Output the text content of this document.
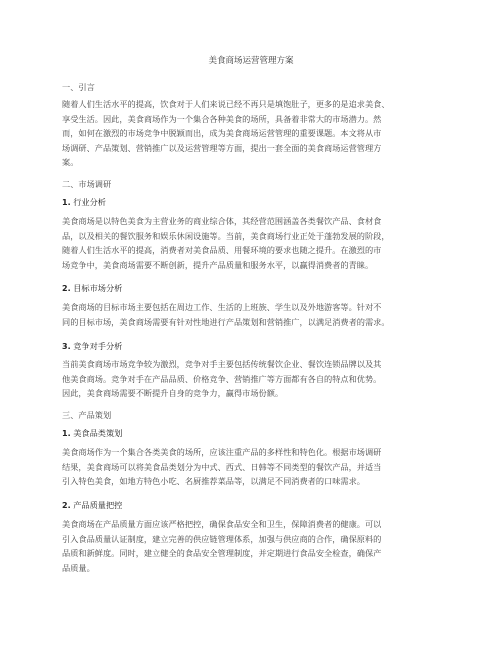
美食商场运营管理方案
一、引言
随着人们生活水平的提高，饮食对于人们来说已经不再只是填饱肚子，更多的是追求美食、
享受生活。因此，美食商场作为一个集合各种美食的场所，具备着非常大的市场潜力。然
而，如何在激烈的市场竞争中脱颖而出，成为美食商场运营管理的重要课题。本文将从市
场调研、产品策划、营销推广以及运营管理等方面，提出一套全面的美食商场运营管理方
案。
二、市场调研
1. 行业分析
美食商场是以特色美食为主营业务的商业综合体，其经营范围涵盖各类餐饮产品、食材食
品，以及相关的餐饮服务和娱乐休闲设施等。当前，美食商场行业正处于蓬勃发展的阶段，
随着人们生活水平的提高，消费者对美食品质、用餐环境的要求也随之提升。在激烈的市
场竞争中，美食商场需要不断创新，提升产品质量和服务水平，以赢得消费者的青睐。
2. 目标市场分析
美食商场的目标市场主要包括在周边工作、生活的上班族、学生以及外地游客等。针对不
同的目标市场，美食商场需要有针对性地进行产品策划和营销推广，以满足消费者的需求。
3. 竞争对手分析
当前美食商场市场竞争较为激烈，竞争对手主要包括传统餐饮企业、餐饮连锁品牌以及其
他美食商场。竞争对手在产品品质、价格竞争、营销推广等方面都有各自的特点和优势。
因此，美食商场需要不断提升自身的竞争力，赢得市场份额。
三、产品策划
1. 美食品类策划
美食商场作为一个集合各类美食的场所，应该注重产品的多样性和特色化。根据市场调研
结果，美食商场可以将美食品类划分为中式、西式、日韩等不同类型的餐饮产品，并适当
引入特色美食，如地方特色小吃、名厨推荐菜品等，以满足不同消费者的口味需求。
2. 产品质量把控
美食商场在产品质量方面应该严格把控，确保食品安全和卫生，保障消费者的健康。可以
引入食品质量认证制度，建立完善的供应链管理体系，加强与供应商的合作，确保原料的
品质和新鲜度。同时，建立健全的食品安全管理制度，并定期进行食品安全检查，确保产
品质量。
